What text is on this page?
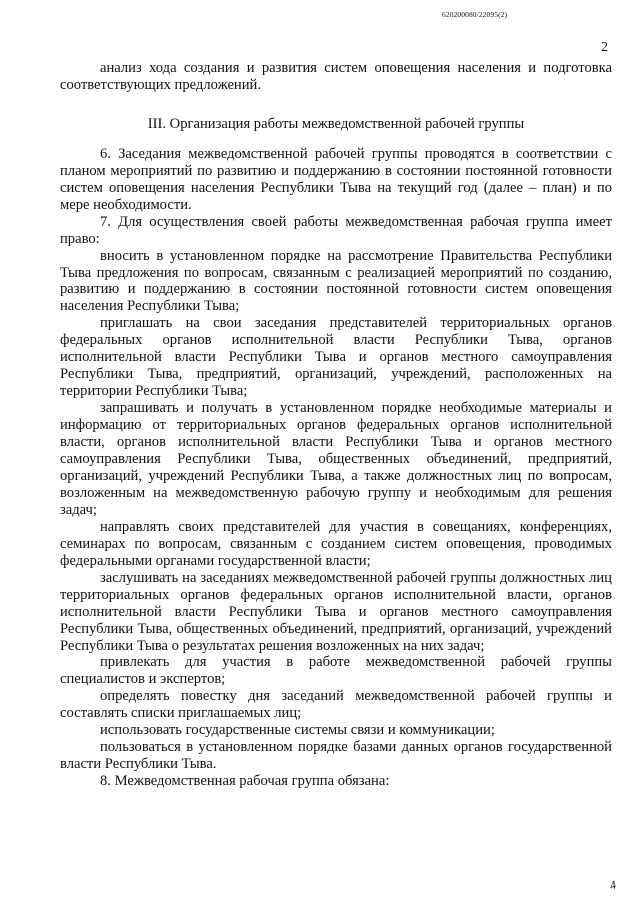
620200080/22095(2)
2

анализ хода создания и развития систем оповещения населения и подготовка соответствующих предложений.

III. Организация работы межведомственной рабочей группы

6. Заседания межведомственной рабочей группы проводятся в соответствии с планом мероприятий по развитию и поддержанию в состоянии постоянной готовности систем оповещения населения Республики Тыва на текущий год (далее – план) и по мере необходимости.

7. Для осуществления своей работы межведомственная рабочая группа имеет право:

вносить в установленном порядке на рассмотрение Правительства Республики Тыва предложения по вопросам, связанным с реализацией мероприятий по созданию, развитию и поддержанию в состоянии постоянной готовности систем оповещения населения Республики Тыва;

приглашать на свои заседания представителей территориальных органов федеральных органов исполнительной власти Республики Тыва, органов исполнительной власти Республики Тыва и органов местного самоуправления Республики Тыва, предприятий, организаций, учреждений, расположенных на территории Республики Тыва;

запрашивать и получать в установленном порядке необходимые материалы и информацию от территориальных органов федеральных органов исполнительной власти, органов исполнительной власти Республики Тыва и органов местного самоуправления Республики Тыва, общественных объединений, предприятий, организаций, учреждений Республики Тыва, а также должностных лиц по вопросам, возложенным на межведомственную рабочую группу и необходимым для решения задач;

направлять своих представителей для участия в совещаниях, конференциях, семинарах по вопросам, связанным с созданием систем оповещения, проводимых федеральными органами государственной власти;

заслушивать на заседаниях межведомственной рабочей группы должностных лиц территориальных органов федеральных органов исполнительной власти, органов исполнительной власти Республики Тыва и органов местного самоуправления Республики Тыва, общественных объединений, предприятий, организаций, учреждений Республики Тыва о результатах решения возложенных на них задач;

привлекать для участия в работе межведомственной рабочей группы специалистов и экспертов;

определять повестку дня заседаний межведомственной рабочей группы и составлять списки приглашаемых лиц;

использовать государственные системы связи и коммуникации;

пользоваться в установленном порядке базами данных органов государственной власти Республики Тыва.

8. Межведомственная рабочая группа обязана:

4
